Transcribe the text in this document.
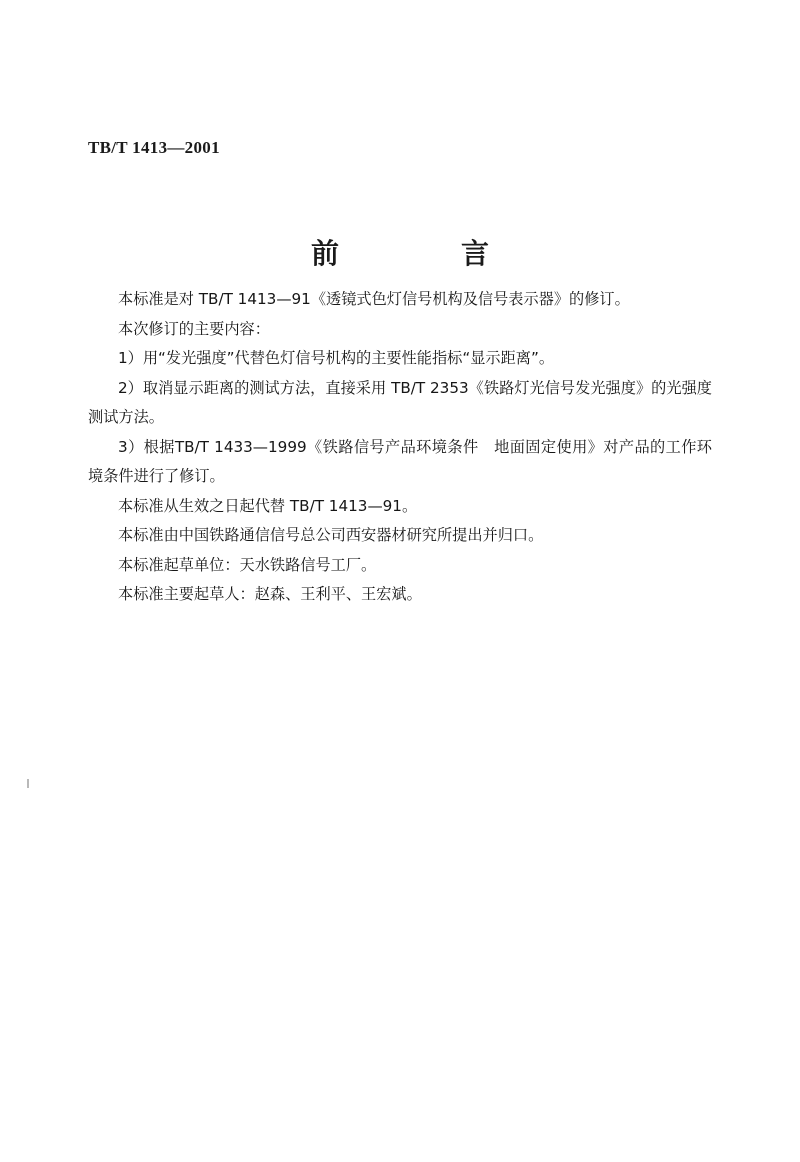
TB/T 1413—2001
前　　言

本标准是对 TB/T 1413—91《透镜式色灯信号机构及信号表示器》的修订。

本次修订的主要内容：

1）用“发光强度”代替色灯信号机构的主要性能指标“显示距离”。

2）取消显示距离的测试方法，直接采用 TB/T 2353《铁路灯光信号发光强度》的光强度测试方法。

3）根据TB/T 1433—1999《铁路信号产品环境条件　地面固定使用》对产品的工作环境条件进行了修订。

本标准从生效之日起代替 TB/T 1413—91。

本标准由中国铁路通信信号总公司西安器材研究所提出并归口。

本标准起草单位：天水铁路信号工厂。

本标准主要起草人：赵森、王利平、王宏斌。
